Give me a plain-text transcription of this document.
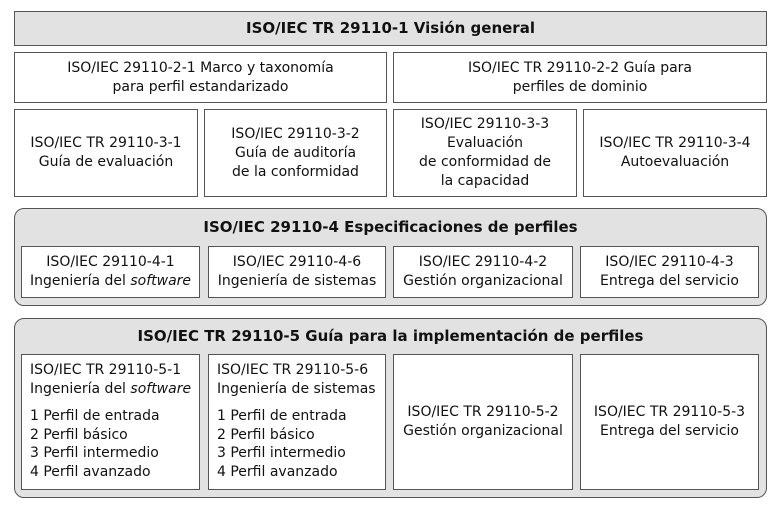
ISO/IEC TR 29110-1 Visión general
ISO/IEC 29110-2-1 Marco y taxonomía
para perfil estandarizado
ISO/IEC TR 29110-2-2 Guía para
perfiles de dominio
ISO/IEC TR 29110-3-1
Guía de evaluación
ISO/IEC 29110-3-2
Guía de auditoría
de la conformidad
ISO/IEC 29110-3-3
Evaluación
de conformidad de
la capacidad
ISO/IEC TR 29110-3-4
Autoevaluación
ISO/IEC 29110-4 Especificaciones de perfiles
ISO/IEC 29110-4-1
Ingeniería del software
ISO/IEC 29110-4-6
Ingeniería de sistemas
ISO/IEC 29110-4-2
Gestión organizacional
ISO/IEC 29110-4-3
Entrega del servicio
ISO/IEC TR 29110-5 Guía para la implementación de perfiles
ISO/IEC TR 29110-5-1
Ingeniería del software
1 Perfil de entrada
2 Perfil básico
3 Perfil intermedio
4 Perfil avanzado
ISO/IEC TR 29110-5-6
Ingeniería de sistemas
1 Perfil de entrada
2 Perfil básico
3 Perfil intermedio
4 Perfil avanzado
ISO/IEC TR 29110-5-2
Gestión organizacional
ISO/IEC TR 29110-5-3
Entrega del servicio
